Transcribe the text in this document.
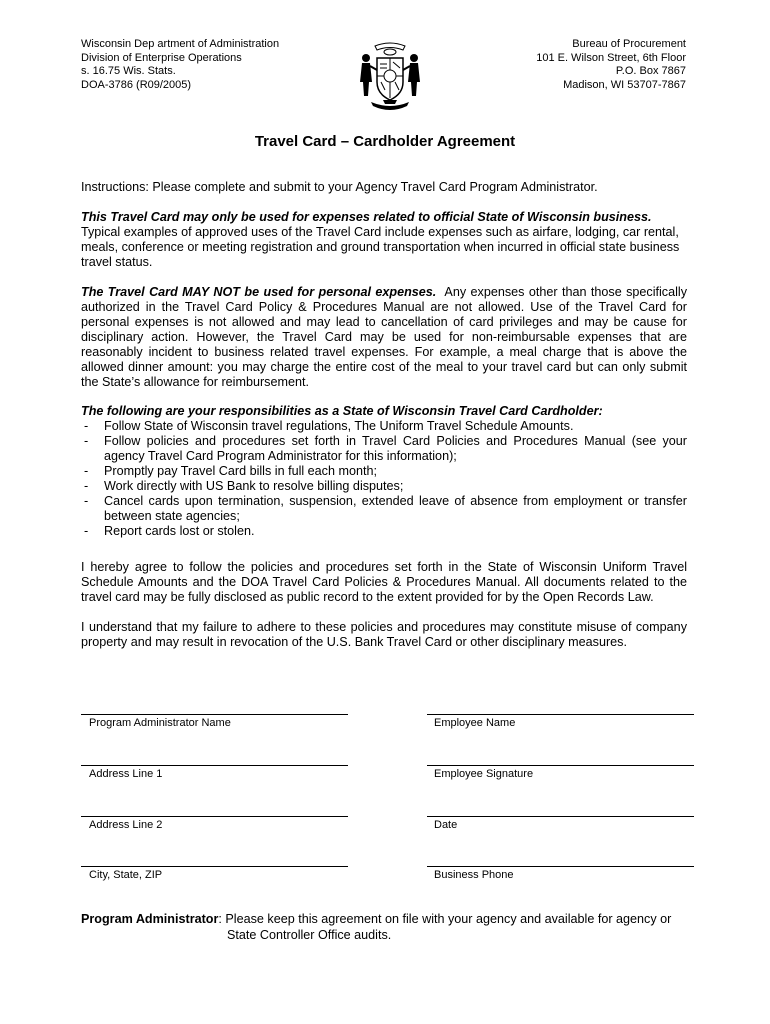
Wisconsin Dep artment of Administration
Division of Enterprise Operations
s. 16.75 Wis. Stats.
DOA-3786 (R09/2005)
Bureau of Procurement
101 E. Wilson Street, 6th Floor
P.O. Box 7867
Madison, WI 53707-7867
Travel Card – Cardholder Agreement
Instructions: Please complete and submit to your Agency Travel Card Program Administrator.

This Travel Card may only be used for expenses related to official State of Wisconsin business.

Typical examples of approved uses of the Travel Card include expenses such as airfare, lodging, car rental, meals, conference or meeting registration and ground transportation when incurred in official state business travel status.

The Travel Card MAY NOT be used for personal expenses.  Any expenses other than those specifically authorized in the Travel Card Policy & Procedures Manual are not allowed. Use of the Travel Card for personal expenses is not allowed and may lead to cancellation of card privileges and may be cause for disciplinary action. However, the Travel Card may be used for non-reimbursable expenses that are reasonably incident to business related travel expenses. For example, a meal charge that is above the allowed dinner amount: you may charge the entire cost of the meal to your travel card but can only submit the State’s allowance for reimbursement.

The following are your responsibilities as a State of Wisconsin Travel Card Cardholder:

- Follow State of Wisconsin travel regulations, The Uniform Travel Schedule Amounts.
- Follow policies and procedures set forth in Travel Card Policies and Procedures Manual (see your agency Travel Card Program Administrator for this information);
- Promptly pay Travel Card bills in full each month;
- Work directly with US Bank to resolve billing disputes;
- Cancel cards upon termination, suspension, extended leave of absence from employment or transfer between state agencies;
- Report cards lost or stolen.
I hereby agree to follow the policies and procedures set forth in the State of Wisconsin Uniform Travel Schedule Amounts and the DOA Travel Card Policies & Procedures Manual. All documents related to the travel card may be fully disclosed as public record to the extent provided for by the Open Records Law.
I understand that my failure to adhere to these policies and procedures may constitute misuse of company property and may result in revocation of the U.S. Bank Travel Card or other disciplinary measures.
Program Administrator Name
Address Line 1
Address Line 2
City, State, ZIP
Employee Name
Employee Signature
Date
Business Phone
Program Administrator: Please keep this agreement on file with your agency and available for agency or
State Controller Office audits.
